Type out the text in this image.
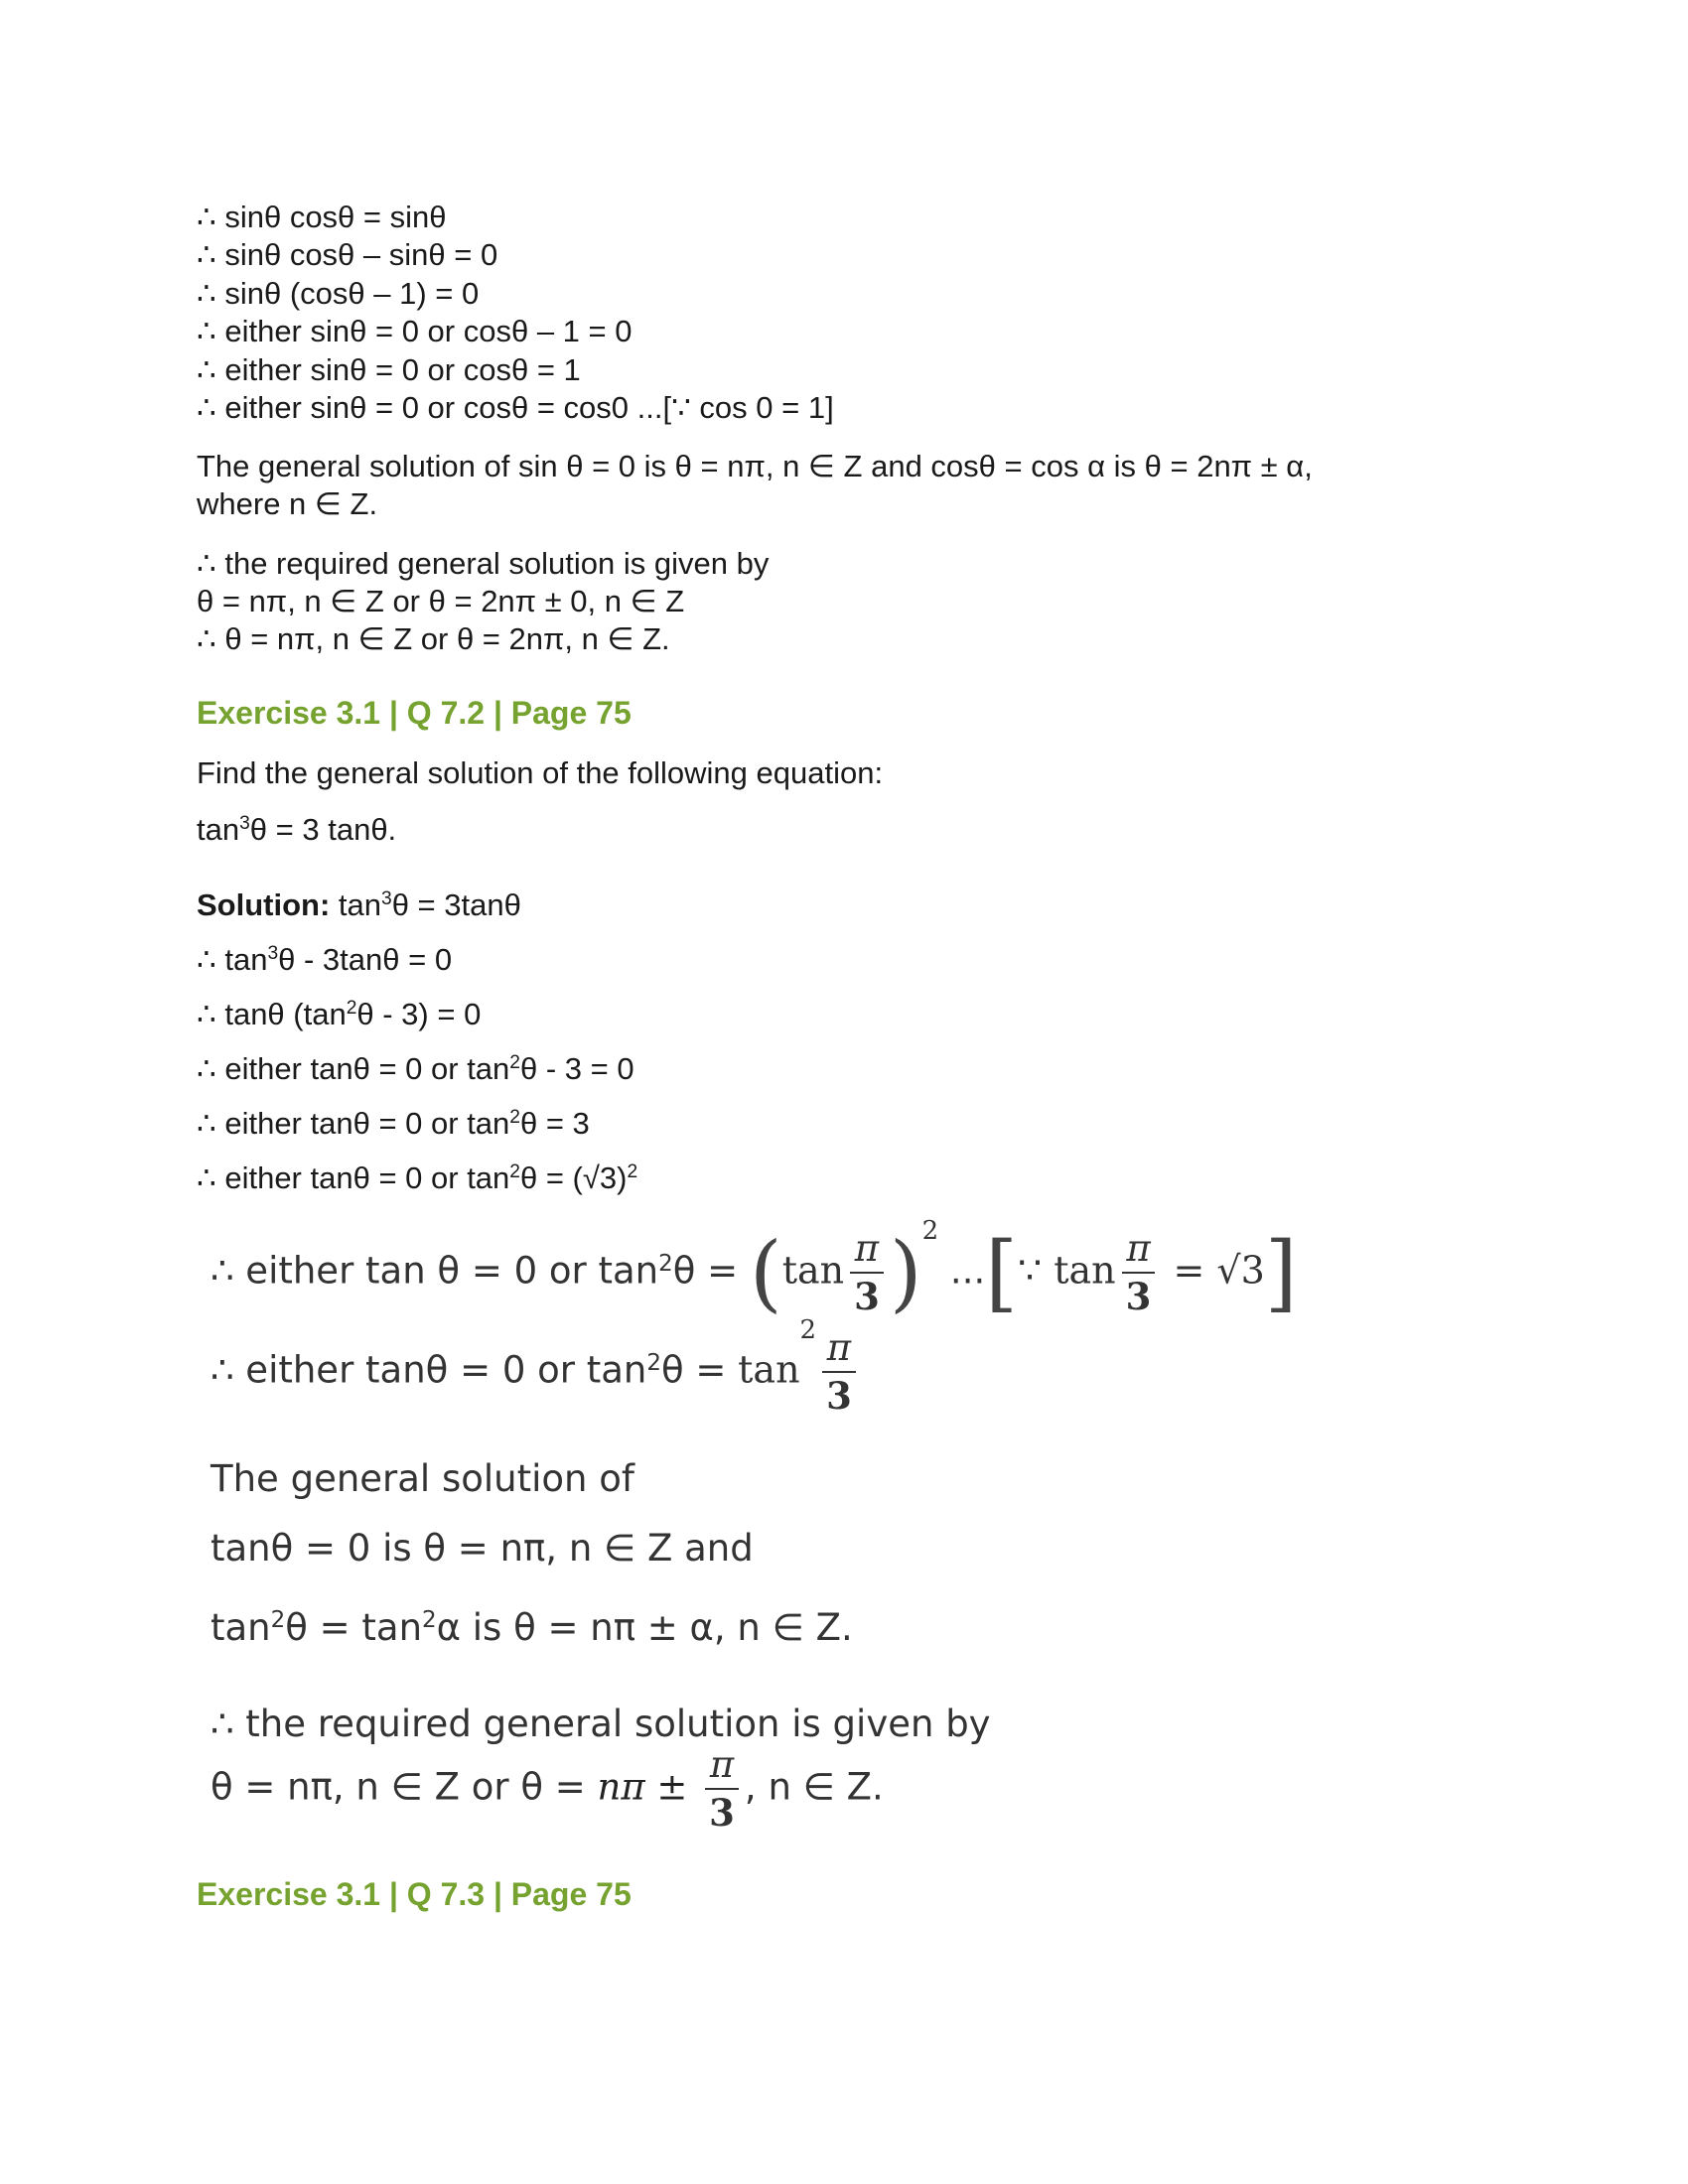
∴ sinθ cosθ = sinθ
∴ sinθ cosθ – sinθ = 0
∴ sinθ (cosθ – 1) = 0
∴ either sinθ = 0 or cosθ – 1 = 0
∴ either sinθ = 0 or cosθ = 1
∴ either sinθ = 0 or cosθ = cos0 ...[∵ cos 0 = 1]
The general solution of sin θ = 0 is θ = nπ, n ∈ Z and cosθ = cos α is θ = 2nπ ± α,
where n ∈ Z.
∴ the required general solution is given by
θ = nπ, n ∈ Z or θ = 2nπ ± 0, n ∈ Z
∴ θ = nπ, n ∈ Z or θ = 2nπ, n ∈ Z.
Exercise 3.1 | Q 7.2 | Page 75
Find the general solution of the following equation:
$\tan^3\theta = 3$ tanθ.
Solution: $\tan^3\theta = 3\tan\theta$
∴ $\tan^3\theta - 3\tan\theta = 0$
∴ tanθ $(\tan^2\theta - 3) = 0$
∴ either tanθ = 0 or $\tan^2\theta - 3 = 0$
∴ either tanθ = 0 or $\tan^2\theta = 3$
∴ either tanθ = 0 or $\tan^2\theta = (√3)^2$
∴ either tan θ = 0 or $\tan^2\theta = (\tan \frac{\pi}{3} )^2$ ...[∵ $\tan \frac{\pi}{3} = √3$]
∴ either tanθ = 0 or $\tan^2\theta = \tan^2 \frac{\pi}{3}$
The general solution of
tanθ = 0 is θ = nπ, n ∈ Z and
$\tan^2\theta = \tan^2\alpha$ is θ = nπ ± α, n ∈ Z.
∴ the required general solution is given by
θ = nπ, n ∈ Z or $\theta = n\pi \pm \frac{\pi}{3}$ , n ∈ Z.
Exercise 3.1 | Q 7.3 | Page 75
